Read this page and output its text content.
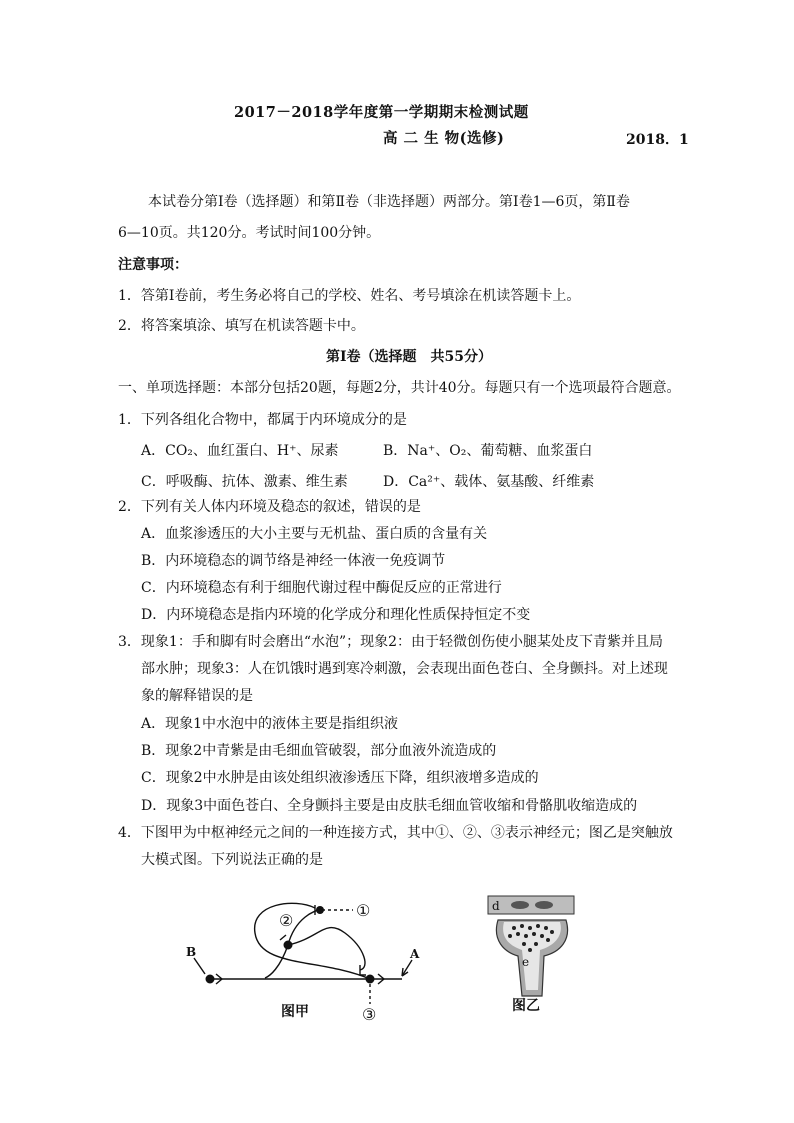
2017－2018学年度第一学期期末检测试题
高 二 生 物(选修)	2018．1
本试卷分第Ⅰ卷（选择题）和第Ⅱ卷（非选择题）两部分。第Ⅰ卷1—6页，第Ⅱ卷
6—10页。共120分。考试时间100分钟。
注意事项：
1．答第Ⅰ卷前，考生务必将自己的学校、姓名、考号填涂在机读答题卡上。
2．将答案填涂、填写在机读答题卡中。
第Ⅰ卷（选择题　共55分）
一、单项选择题：本部分包括20题，每题2分，共计40分。每题只有一个选项最符合题意。
1．下列各组化合物中，都属于内环境成分的是
A．CO₂、血红蛋白、H⁺、尿素	B．Na⁺、O₂、葡萄糖、血浆蛋白
C．呼吸酶、抗体、激素、维生素	D．Ca²⁺、载体、氨基酸、纤维素
2．下列有关人体内环境及稳态的叙述，错误的是
A．血浆渗透压的大小主要与无机盐、蛋白质的含量有关
B．内环境稳态的调节络是神经一体液一免疫调节
C．内环境稳态有利于细胞代谢过程中酶促反应的正常进行
D．内环境稳态是指内环境的化学成分和理化性质保持恒定不变
3．现象1：手和脚有时会磨出“水泡”；现象2：由于轻微创伤使小腿某处皮下青紫并且局
部水肿；现象3：人在饥饿时遇到寒冷刺激，会表现出面色苍白、全身颤抖。对上述现
象的解释错误的是
A．现象1中水泡中的液体主要是指组织液
B．现象2中青紫是由毛细血管破裂，部分血液外流造成的
C．现象2中水肿是由该处组织液渗透压下降，组织液增多造成的
D．现象3中面色苍白、全身颤抖主要是由皮肤毛细血管收缩和骨骼肌收缩造成的
4．下图甲为中枢神经元之间的一种连接方式，其中①、②、③表示神经元；图乙是突触放
大模式图。下列说法正确的是
①
②
③
B	A
图甲
d
e
图乙
